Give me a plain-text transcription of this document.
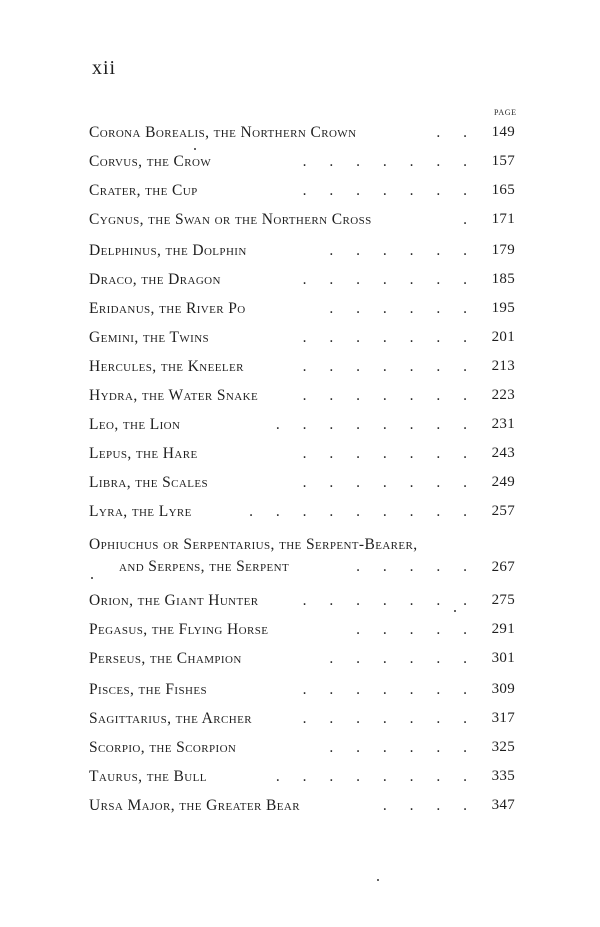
xii
PAGE
Corona Borealis, the Northern Crown	. . 149
Corvus, the Crow	. . . . . . . 157
Crater, the Cup	. . . . . . . 165
Cygnus, the Swan or the Northern Cross	. 171
Delphinus, the Dolphin	. . . . . . 179
Draco, the Dragon	. . . . . . . 185
Eridanus, the River Po	. . . . . . 195
Gemini, the Twins	. . . . . . . 201
Hercules, the Kneeler	. . . . . . . 213
Hydra, the Water Snake	. . . . . . . 223
Leo, the Lion	. . . . . . . . 231
Lepus, the Hare	. . . . . . . 243
Libra, the Scales	. . . . . . . 249
Lyra, the Lyre	. . . . . . . . . 257
Ophiuchus or Serpentarius, the Serpent-Bearer,
and Serpens, the Serpent	. . . . . 267
Orion, the Giant Hunter	. . . . . . . 275
Pegasus, the Flying Horse	. . . . . 291
Perseus, the Champion	. . . . . . 301
Pisces, the Fishes	. . . . . . . 309
Sagittarius, the Archer	. . . . . . . 317
Scorpio, the Scorpion	. . . . . . 325
Taurus, the Bull	. . . . . . . . 335
Ursa Major, the Greater Bear	. . . . 347
